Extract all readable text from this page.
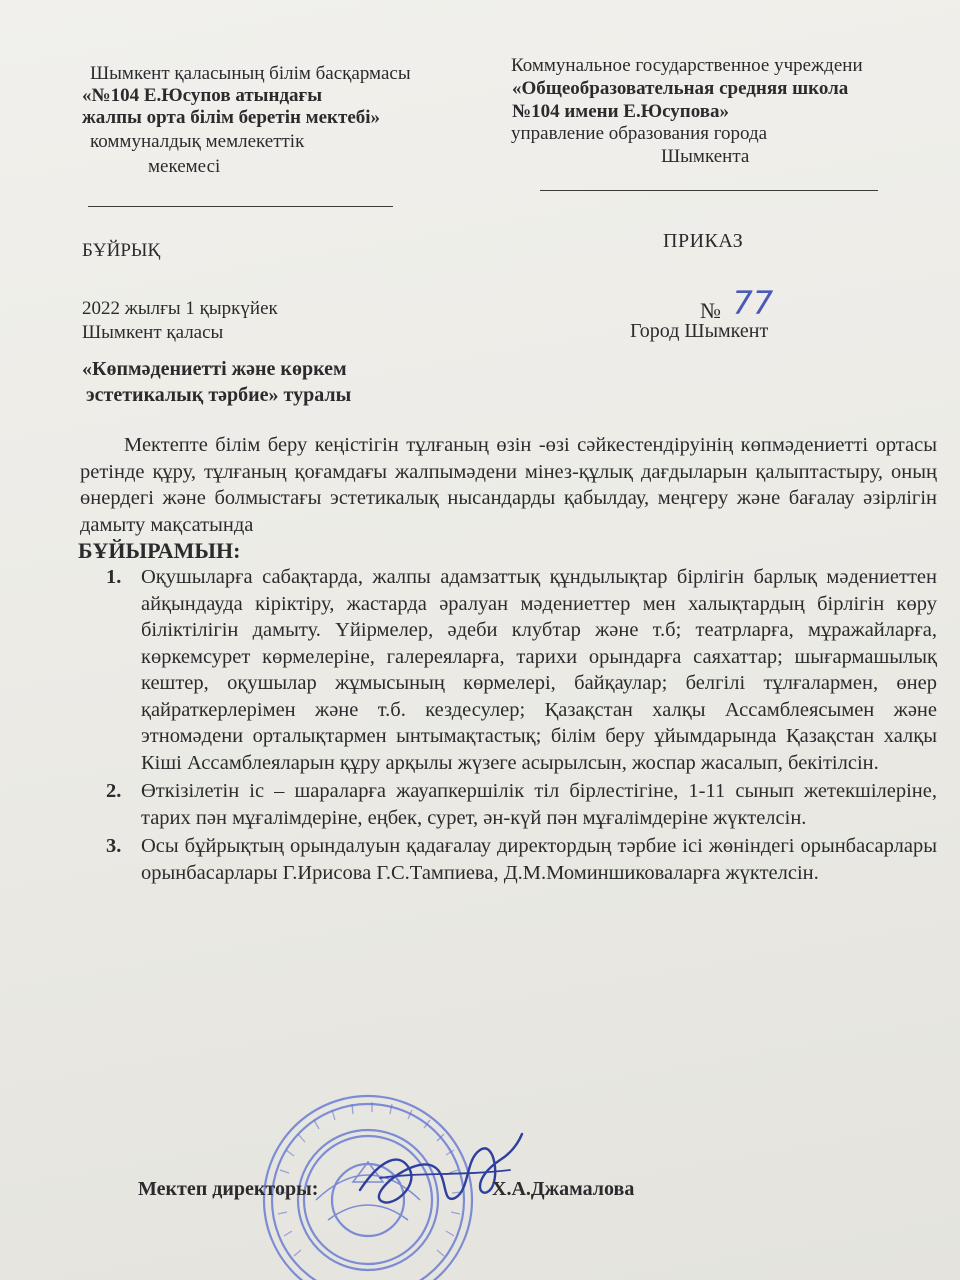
Шымкент қаласының білім басқармасы
«№104 Е.Юсупов атындағы
жалпы орта білім беретін мектебі»
коммуналдық мемлекеттік
мекемесі
Коммунальное государственное учреждени
«Общеобразовательная средняя школа
№104 имени Е.Юсупова»
управление образования города
Шымкента
БҰЙРЫҚ	ПРИКАЗ
2022 жылғы 1 қыркүйек
Шымкент қаласы
№ 77
Город Шымкент
«Көпмәдениетті және көркем
эстетикалық тәрбие» туралы
Мектепте білім беру кеңістігін тұлғаның өзін -өзі сәйкестендіруінің көпмәдениетті ортасы ретінде құру, тұлғаның қоғамдағы жалпымәдени мінез-құлық дағдыларын қалыптастыру, оның өнердегі және болмыстағы эстетикалық нысандарды қабылдау, меңгеру және бағалау әзірлігін дамыту мақсатында
БҰЙЫРАМЫН:
1. Оқушыларға сабақтарда, жалпы адамзаттық құндылықтар бірлігін барлық мәдениеттен айқындауда кіріктіру, жастарда әралуан мәдениеттер мен халықтардың бірлігін көру біліктілігін дамыту. Үйірмелер, әдеби клубтар және т.б; театрларға, мұражайларға, көркемсурет көрмелеріне, галереяларға, тарихи орындарға саяхаттар; шығармашылық кештер, оқушылар жұмысының көрмелері, байқаулар; белгілі тұлғалармен, өнер қайраткерлерімен және т.б. кездесулер; Қазақстан халқы Ассамблеясымен және этномәдени орталықтармен ынтымақтастық; білім беру ұйымдарында Қазақстан халқы Кіші Ассамблеяларын құру арқылы жүзеге асырылсын, жоспар жасалып, бекітілсін.
2. Өткізілетін іс – шараларға жауапкершілік тіл бірлестігіне, 1-11 сынып жетекшілеріне, тарих пән мұғалімдеріне, еңбек, сурет, ән-күй пән мұғалімдеріне жүктелсін.
3. Осы бұйрықтың орындалуын қадағалау директордың тәрбие ісі жөніндегі орынбасарлары орынбасарлары Г.Ирисова Г.С.Тампиева, Д.М.Моминшиковаларға жүктелсін.
Мектеп директоры:	Х.А.Джамалова
